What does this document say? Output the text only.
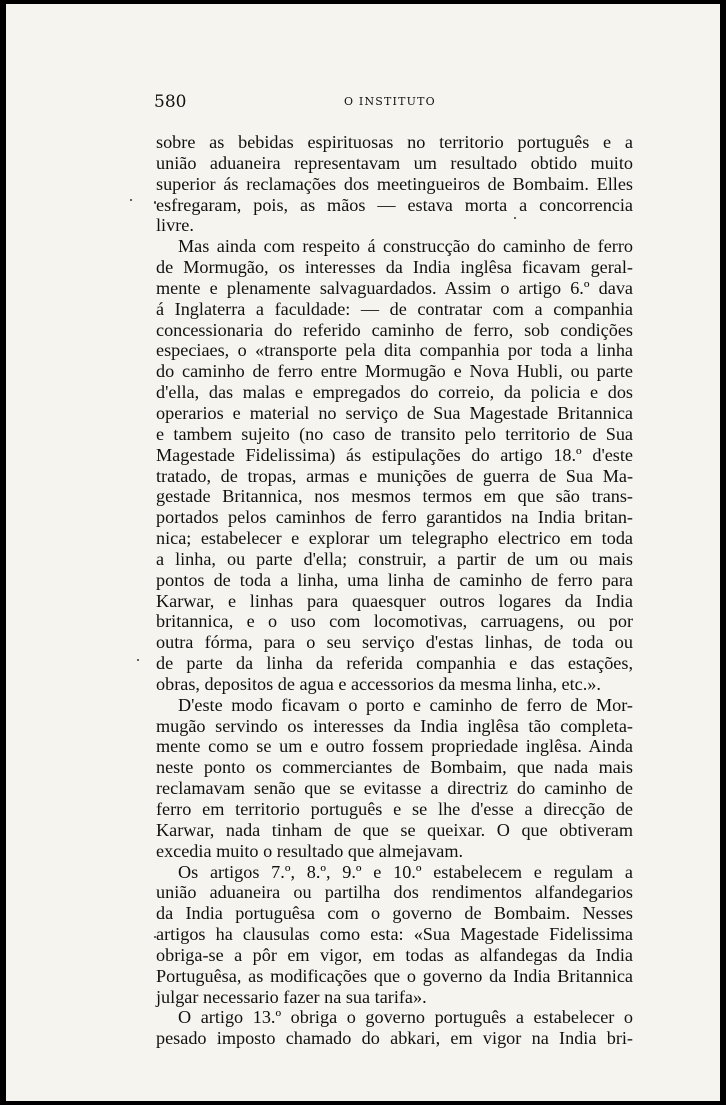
580	O INSTITUTO
sobre as bebidas espirituosas no territorio português e a
união aduaneira representavam um resultado obtido muito
superior ás reclamações dos meetingueiros de Bombaim. Elles
esfregaram, pois, as mãos — estava morta a concorrencia
livre.
Mas ainda com respeito á construcção do caminho de ferro
de Mormugão, os interesses da India inglêsa ficavam geral-
mente e plenamente salvaguardados. Assim o artigo 6.º dava
á Inglaterra a faculdade: — de contratar com a companhia
concessionaria do referido caminho de ferro, sob condições
especiaes, o «transporte pela dita companhia por toda a linha
do caminho de ferro entre Mormugão e Nova Hubli, ou parte
d'ella, das malas e empregados do correio, da policia e dos
operarios e material no serviço de Sua Magestade Britannica
e tambem sujeito (no caso de transito pelo territorio de Sua
Magestade Fidelissima) ás estipulações do artigo 18.º d'este
tratado, de tropas, armas e munições de guerra de Sua Ma-
gestade Britannica, nos mesmos termos em que são trans-
portados pelos caminhos de ferro garantidos na India britan-
nica; estabelecer e explorar um telegrapho electrico em toda
a linha, ou parte d'ella; construir, a partir de um ou mais
pontos de toda a linha, uma linha de caminho de ferro para
Karwar, e linhas para quaesquer outros logares da India
britannica, e o uso com locomotivas, carruagens, ou por
outra fórma, para o seu serviço d'estas linhas, de toda ou
de parte da linha da referida companhia e das estações,
obras, depositos de agua e accessorios da mesma linha, etc.».
D'este modo ficavam o porto e caminho de ferro de Mor-
mugão servindo os interesses da India inglêsa tão completa-
mente como se um e outro fossem propriedade inglêsa. Ainda
neste ponto os commerciantes de Bombaim, que nada mais
reclamavam senão que se evitasse a directriz do caminho de
ferro em territorio português e se lhe d'esse a direcção de
Karwar, nada tinham de que se queixar. O que obtiveram
excedia muito o resultado que almejavam.
Os artigos 7.º, 8.º, 9.º e 10.º estabelecem e regulam a
união aduaneira ou partilha dos rendimentos alfandegarios
da India portuguêsa com o governo de Bombaim. Nesses
artigos ha clausulas como esta: «Sua Magestade Fidelissima
obriga-se a pôr em vigor, em todas as alfandegas da India
Portuguêsa, as modificações que o governo da India Britannica
julgar necessario fazer na sua tarifa».
O artigo 13.º obriga o governo português a estabelecer o
pesado imposto chamado do abkari, em vigor na India bri-
